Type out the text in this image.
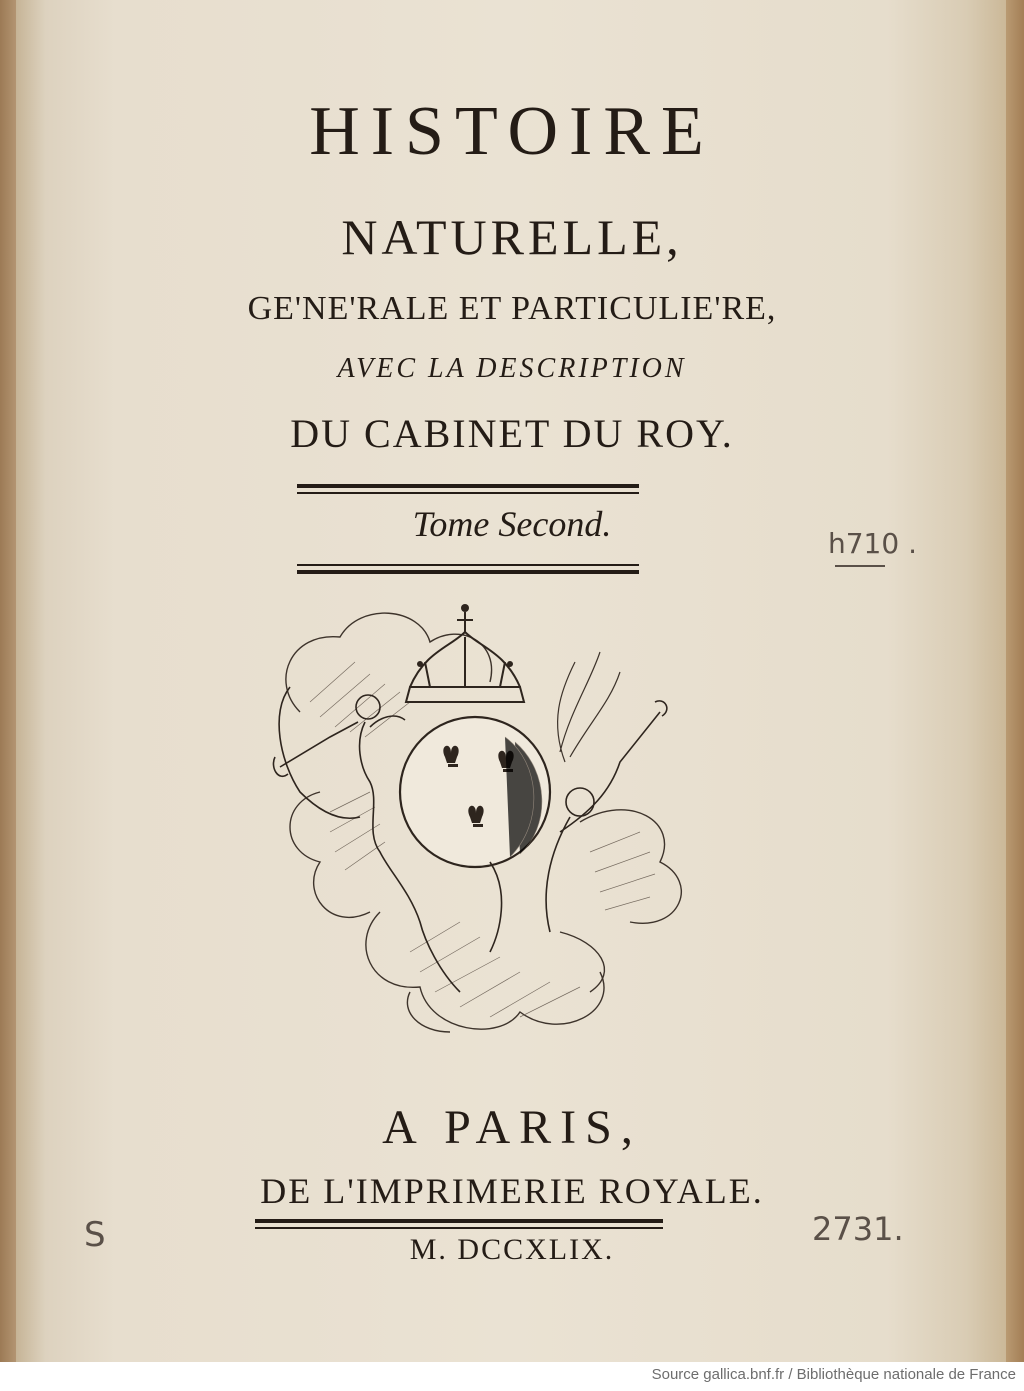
HISTOIRE

NATURELLE,

GE'NE'RALE ET PARTICULIE'RE,

AVEC LA DESCRIPTION

DU CABINET DU ROY.

Tome Second.

A PARIS,

DE L'IMPRIMERIE ROYALE.

M. DCCXLIX.

h710 .

S	2731.

Source gallica.bnf.fr / Bibliothèque nationale de France
